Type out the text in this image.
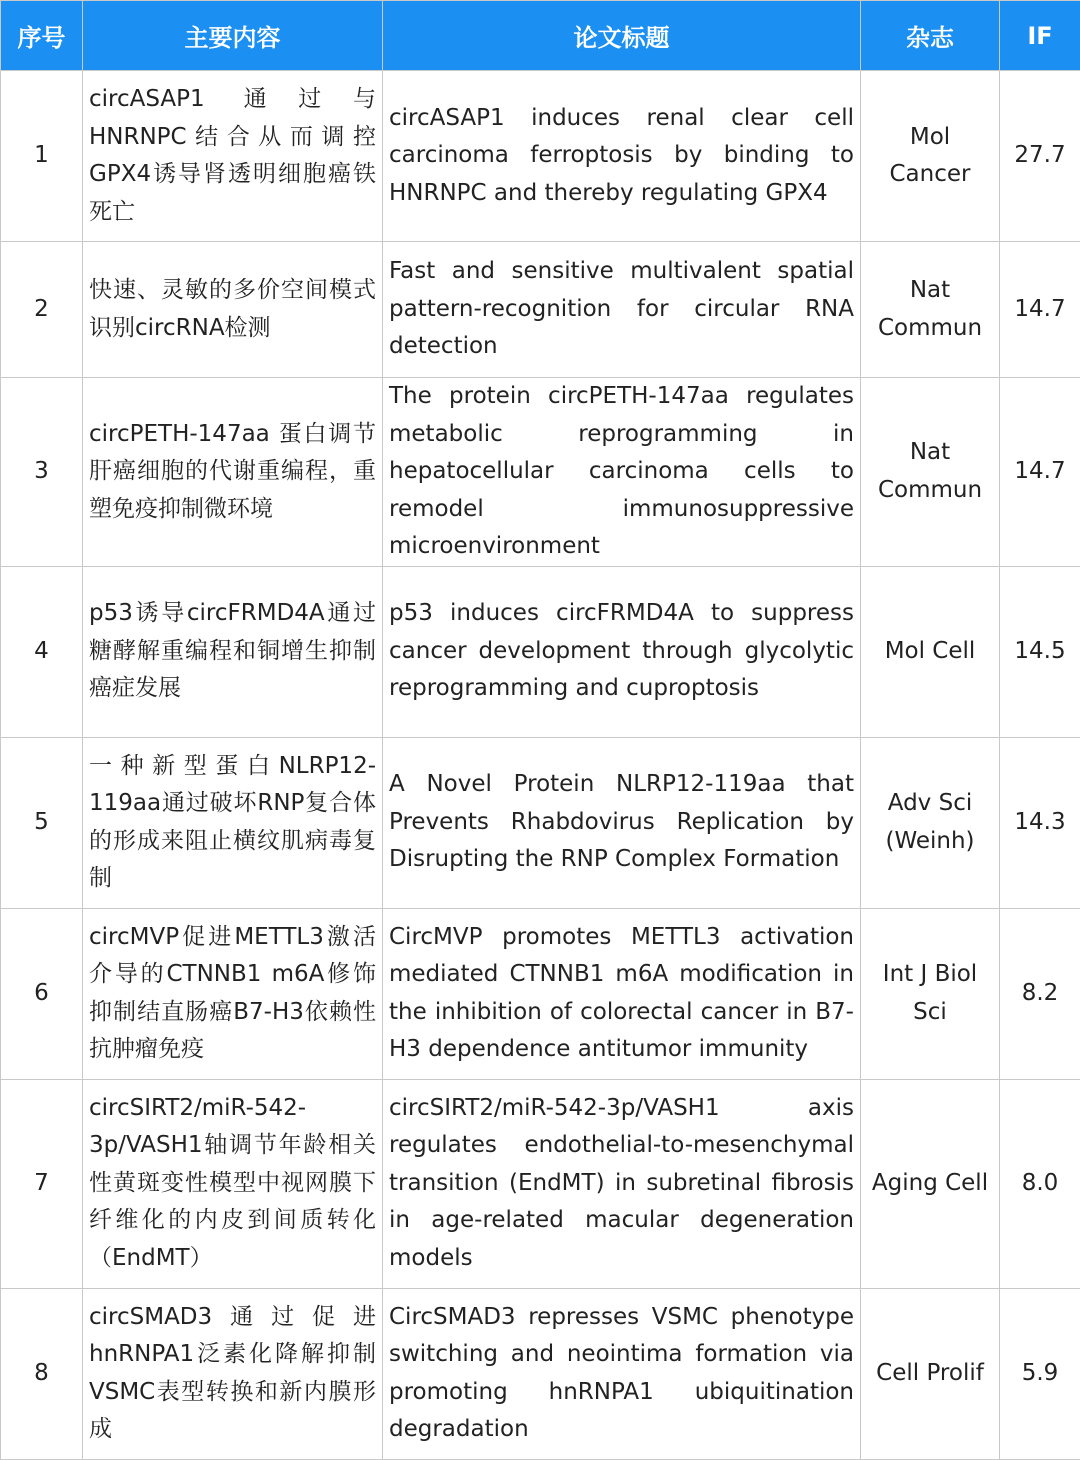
序号	主要内容	论文标题	杂志	IF
1	circASAP1 通过与HNRNPC结合从而调控GPX4诱导肾透明细胞癌铁死亡	circASAP1 induces renal clear cell carcinoma ferroptosis by binding to HNRNPC and thereby regulating GPX4	Mol Cancer	27.7
2	快速、灵敏的多价空间模式识别circRNA检测	Fast and sensitive multivalent spatial pattern-recognition for circular RNA detection	Nat Commun	14.7
3	circPETH-147aa 蛋白调节肝癌细胞的代谢重编程，重塑免疫抑制微环境	The protein circPETH-147aa regulates metabolic reprogramming in hepatocellular carcinoma cells to remodel immunosuppressive microenvironment	Nat Commun	14.7
4	p53诱导circFRMD4A通过糖酵解重编程和铜增生抑制癌症发展	p53 induces circFRMD4A to suppress cancer development through glycolytic reprogramming and cuproptosis	Mol Cell	14.5
5	一种新型蛋白NLRP12-119aa通过破坏RNP复合体的形成来阻止横纹肌病毒复制	A Novel Protein NLRP12-119aa that Prevents Rhabdovirus Replication by Disrupting the RNP Complex Formation	Adv Sci (Weinh)	14.3
6	circMVP促进METTL3激活介导的CTNNB1 m6A修饰抑制结直肠癌B7-H3依赖性抗肿瘤免疫	CircMVP promotes METTL3 activation mediated CTNNB1 m6A modification in the inhibition of colorectal cancer in B7-H3 dependence antitumor immunity	Int J Biol Sci	8.2
7	circSIRT2/miR-542-3p/VASH1轴调节年龄相关性黄斑变性模型中视网膜下纤维化的内皮到间质转化（EndMT）	circSIRT2/miR-542-3p/VASH1 axis regulates endothelial-to-mesenchymal transition (EndMT) in subretinal fibrosis in age-related macular degeneration models	Aging Cell	8.0
8	circSMAD3通过促进hnRNPA1泛素化降解抑制VSMC表型转换和新内膜形成	CircSMAD3 represses VSMC phenotype switching and neointima formation via promoting hnRNPA1 ubiquitination degradation	Cell Prolif	5.9
